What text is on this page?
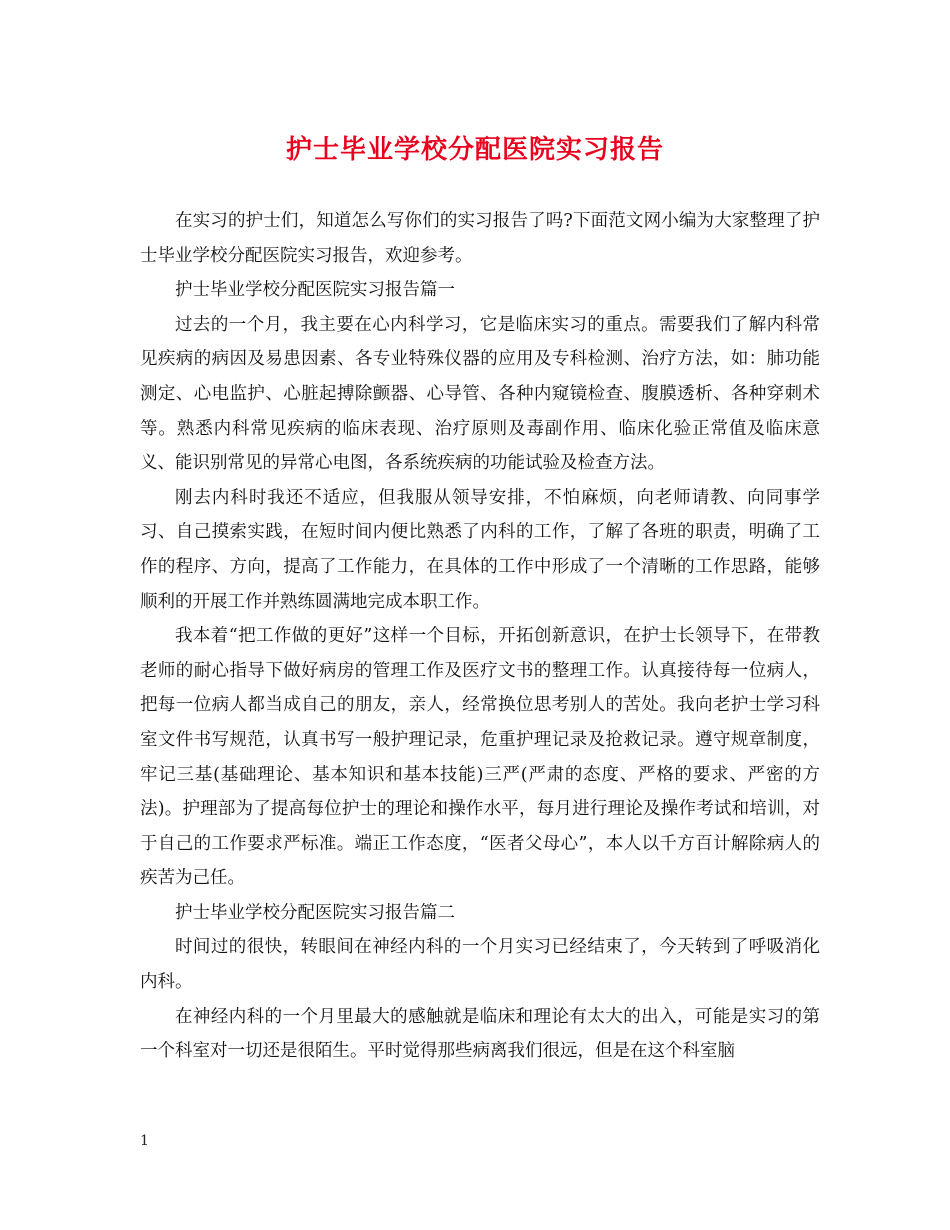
护士毕业学校分配医院实习报告

在实习的护士们，知道怎么写你们的实习报告了吗?下面范文网小编为大家整理了护士毕业学校分配医院实习报告，欢迎参考。

护士毕业学校分配医院实习报告篇一

过去的一个月，我主要在心内科学习，它是临床实习的重点。需要我们了解内科常见疾病的病因及易患因素、各专业特殊仪器的应用及专科检测、治疗方法，如：肺功能测定、心电监护、心脏起搏除颤器、心导管、各种内窥镜检查、腹膜透析、各种穿刺术等。熟悉内科常见疾病的临床表现、治疗原则及毒副作用、临床化验正常值及临床意义、能识别常见的异常心电图，各系统疾病的功能试验及检查方法。

刚去内科时我还不适应，但我服从领导安排，不怕麻烦，向老师请教、向同事学习、自己摸索实践，在短时间内便比熟悉了内科的工作，了解了各班的职责，明确了工作的程序、方向，提高了工作能力，在具体的工作中形成了一个清晰的工作思路，能够顺利的开展工作并熟练圆满地完成本职工作。

我本着“把工作做的更好”这样一个目标，开拓创新意识，在护士长领导下，在带教老师的耐心指导下做好病房的管理工作及医疗文书的整理工作。认真接待每一位病人，把每一位病人都当成自己的朋友，亲人，经常换位思考别人的苦处。我向老护士学习科室文件书写规范，认真书写一般护理记录，危重护理记录及抢救记录。遵守规章制度，牢记三基(基础理论、基本知识和基本技能)三严(严肃的态度、严格的要求、严密的方法)。护理部为了提高每位护士的理论和操作水平，每月进行理论及操作考试和培训，对于自己的工作要求严标准。端正工作态度，“医者父母心”，本人以千方百计解除病人的疾苦为己任。

护士毕业学校分配医院实习报告篇二

时间过的很快，转眼间在神经内科的一个月实习已经结束了，今天转到了呼吸消化内科。

在神经内科的一个月里最大的感触就是临床和理论有太大的出入，可能是实习的第一个科室对一切还是很陌生。平时觉得那些病离我们很远，但是在这个科室脑

1
